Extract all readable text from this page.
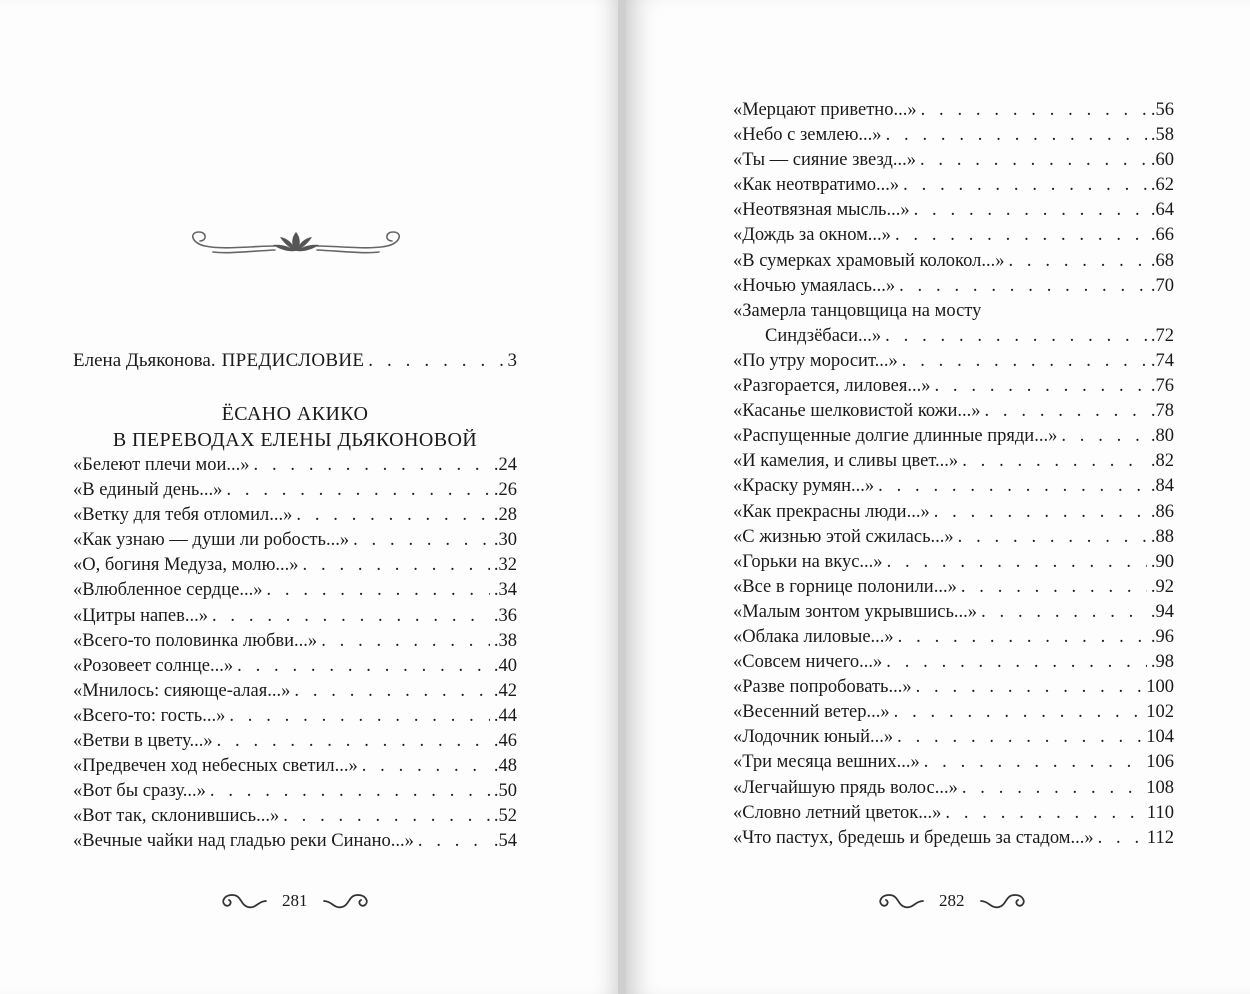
Елена Дьяконова. ПРЕДИСЛОВИЕ . . .	3
ЁСАНО АКИКО
В ПЕРЕВОДАХ ЕЛЕНЫ ДЬЯКОНОВОЙ
«Белеют плечи мои...» . . .	.24
«В единый день...» . . .	.26
«Ветку для тебя отломил...» . . .	.28
«Как узнаю — души ли робость...» . . .	.30
«О, богиня Медуза, молю...» . . .	.32
«Влюбленное сердце...» . . .	.34
«Цитры напев...» . . .	.36
«Всего-то половинка любви...» . . .	.38
«Розовеет солнце...» . . .	.40
«Мнилось: сияюще-алая...» . . .	.42
«Всего-то: гость...» . . .	.44
«Ветви в цвету...» . . .	.46
«Предвечен ход небесных светил...» . . .	.48
«Вот бы сразу...» . . .	.50
«Вот так, склонившись...» . . .	.52
«Вечные чайки над гладью реки Синано...» . . .	.54
281	282
«Мерцают приветно...» . . .	.56
«Небо с землею...» . . .	.58
«Ты — сияние звезд...» . . .	.60
«Как неотвратимо...» . . .	.62
«Неотвязная мысль...» . . .	.64
«Дождь за окном...» . . .	.66
«В сумерках храмовый колокол...» . . .	.68
«Ночью умаялась...» . . .	.70
«Замерла танцовщица на мосту
Синдзёбаси...» . . .	.72
«По утру моросит...» . . .	.74
«Разгорается, лиловея...» . . .	.76
«Касанье шелковистой кожи...» . . .	.78
«Распущенные долгие длинные пряди...» . . .	.80
«И камелия, и сливы цвет...» . . .	.82
«Краску румян...» . . .	.84
«Как прекрасны люди...» . . .	.86
«С жизнью этой сжилась...» . . .	.88
«Горьки на вкус...» . . .	.90
«Все в горнице полонили...» . . .	.92
«Малым зонтом укрывшись...» . . .	.94
«Облака лиловые...» . . .	.96
«Совсем ничего...» . . .	.98
«Разве попробовать...» . . .	100
«Весенний ветер...» . . .	102
«Лодочник юный...» . . .	104
«Три месяца вешних...» . . .	106
«Легчайшую прядь волос...» . . .	108
«Словно летний цветок...» . . .	110
«Что пастух, бредешь и бредешь за стадом...» . . .	112
